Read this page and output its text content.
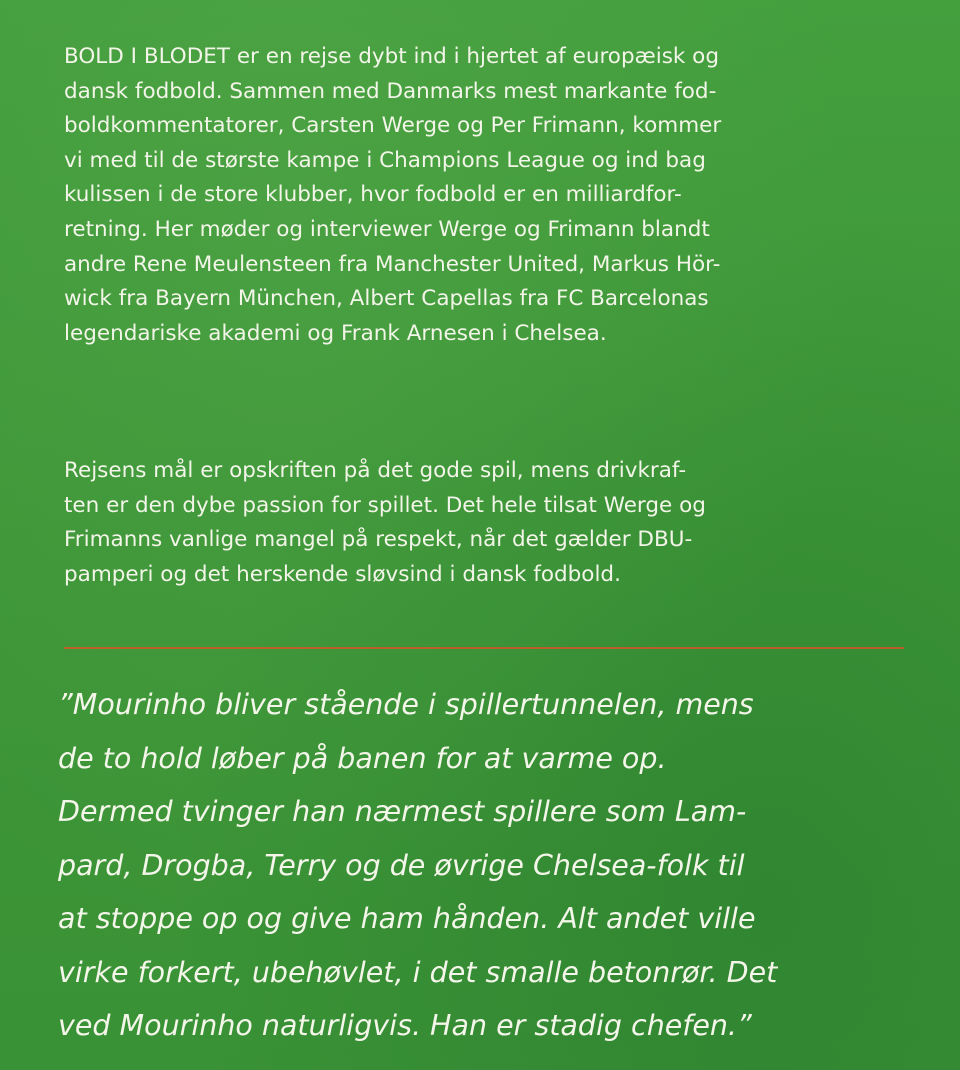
BOLD I BLODET er en rejse dybt ind i hjertet af europæisk og
dansk fodbold. Sammen med Danmarks mest markante fod-
boldkommentatorer, Carsten Werge og Per Frimann, kommer
vi med til de største kampe i Champions League og ind bag
kulissen i de store klubber, hvor fodbold er en milliardfor-
retning. Her møder og interviewer Werge og Frimann blandt
andre Rene Meulensteen fra Manchester United, Markus Hör-
wick fra Bayern München, Albert Capellas fra FC Barcelonas
legendariske akademi og Frank Arnesen i Chelsea.

Rejsens mål er opskriften på det gode spil, mens drivkraf-
ten er den dybe passion for spillet. Det hele tilsat Werge og
Frimanns vanlige mangel på respekt, når det gælder DBU-
pamperi og det herskende sløvsind i dansk fodbold.

”Mourinho bliver stående i spillertunnelen, mens
de to hold løber på banen for at varme op.
Dermed tvinger han nærmest spillere som Lam-
pard, Drogba, Terry og de øvrige Chelsea-folk til
at stoppe op og give ham hånden. Alt andet ville
virke forkert, ubehøvlet, i det smalle betonrør. Det
ved Mourinho naturligvis. Han er stadig chefen.”
